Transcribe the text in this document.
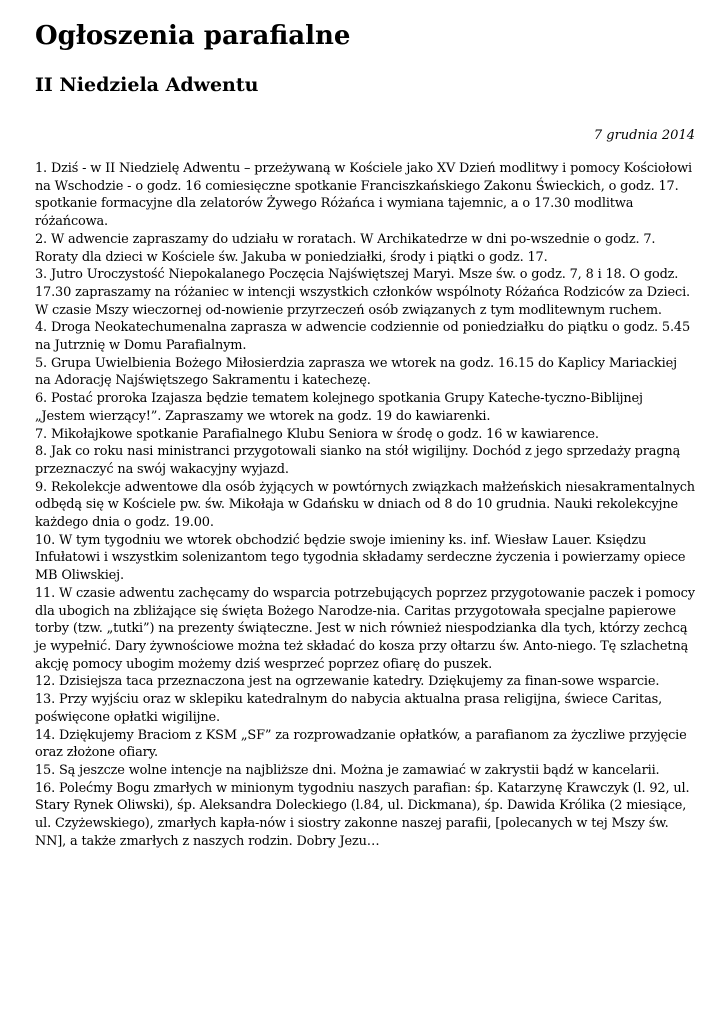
Ogłoszenia parafialne
II Niedziela Adwentu
7 grudnia 2014

1. Dziś - w II Niedzielę Adwentu – przeżywaną w Kościele jako XV Dzień modlitwy i pomocy Kościołowi na Wschodzie - o godz. 16 comiesięczne spotkanie Franciszkańskiego Zakonu Świeckich, o godz. 17. spotkanie formacyjne dla zelatorów Żywego Różańca i wymiana tajemnic, a o 17.30 modlitwa różańcowa.

2. W adwencie zapraszamy do udziału w roratach. W Archikatedrze w dni po-wszednie o godz. 7. Roraty dla dzieci w Kościele św. Jakuba w poniedziałki, środy i piątki o godz. 17.

3. Jutro Uroczystość Niepokalanego Poczęcia Najświętszej Maryi. Msze św. o godz. 7, 8 i 18. O godz. 17.30 zapraszamy na różaniec w intencji wszystkich członków wspólnoty Różańca Rodziców za Dzieci. W czasie Mszy wieczornej od-nowienie przyrzeczeń osób związanych z tym modlitewnym ruchem.

4. Droga Neokatechumenalna zaprasza w adwencie codziennie od poniedziałku do piątku o godz. 5.45 na Jutrznię w Domu Parafialnym.

5. Grupa Uwielbienia Bożego Miłosierdzia zaprasza we wtorek na godz. 16.15 do Kaplicy Mariackiej na Adorację Najświętszego Sakramentu i katechezę.

6. Postać proroka Izajasza będzie tematem kolejnego spotkania Grupy Kateche-tyczno-Biblijnej „Jestem wierzący!”. Zapraszamy we wtorek na godz. 19 do kawiarenki.

7. Mikołajkowe spotkanie Parafialnego Klubu Seniora w środę o godz. 16 w kawiarence.

8. Jak co roku nasi ministranci przygotowali sianko na stół wigilijny. Dochód z jego sprzedaży pragną przeznaczyć na swój wakacyjny wyjazd.

9. Rekolekcje adwentowe dla osób żyjących w powtórnych związkach małżeńskich niesakramentalnych odbędą się w Kościele pw. św. Mikołaja w Gdańsku w dniach od 8 do 10 grudnia. Nauki rekolekcyjne każdego dnia o godz. 19.00.

10. W tym tygodniu we wtorek obchodzić będzie swoje imieniny ks. inf. Wiesław Lauer. Księdzu Infułatowi i wszystkim solenizantom tego tygodnia składamy serdeczne życzenia i powierzamy opiece MB Oliwskiej.

11. W czasie adwentu zachęcamy do wsparcia potrzebujących poprzez przygotowanie paczek i pomocy dla ubogich na zbliżające się święta Bożego Narodze-nia. Caritas przygotowała specjalne papierowe torby (tzw. „tutki”) na prezenty świąteczne. Jest w nich również niespodzianka dla tych, którzy zechcą je wypełnić. Dary żywnościowe można też składać do kosza przy ołtarzu św. Anto-niego. Tę szlachetną akcję pomocy ubogim możemy dziś wesprzeć poprzez ofiarę do puszek.

12. Dzisiejsza taca przeznaczona jest na ogrzewanie katedry. Dziękujemy za finan-sowe wsparcie.

13. Przy wyjściu oraz w sklepiku katedralnym do nabycia aktualna prasa religijna, świece Caritas, poświęcone opłatki wigilijne.

14. Dziękujemy Braciom z KSM „SF” za rozprowadzanie opłatków, a parafianom za życzliwe przyjęcie oraz złożone ofiary.

15. Są jeszcze wolne intencje na najbliższe dni. Można je zamawiać w zakrystii bądź w kancelarii.

16. Polećmy Bogu zmarłych w minionym tygodniu naszych parafian: śp. Katarzynę Krawczyk (l. 92, ul. Stary Rynek Oliwski), śp. Aleksandra Doleckiego (l.84, ul. Dickmana), śp. Dawida Królika (2 miesiące, ul. Czyżewskiego), zmarłych kapła-nów i siostry zakonne naszej parafii, [polecanych w tej Mszy św. NN], a także zmarłych z naszych rodzin. Dobry Jezu…
